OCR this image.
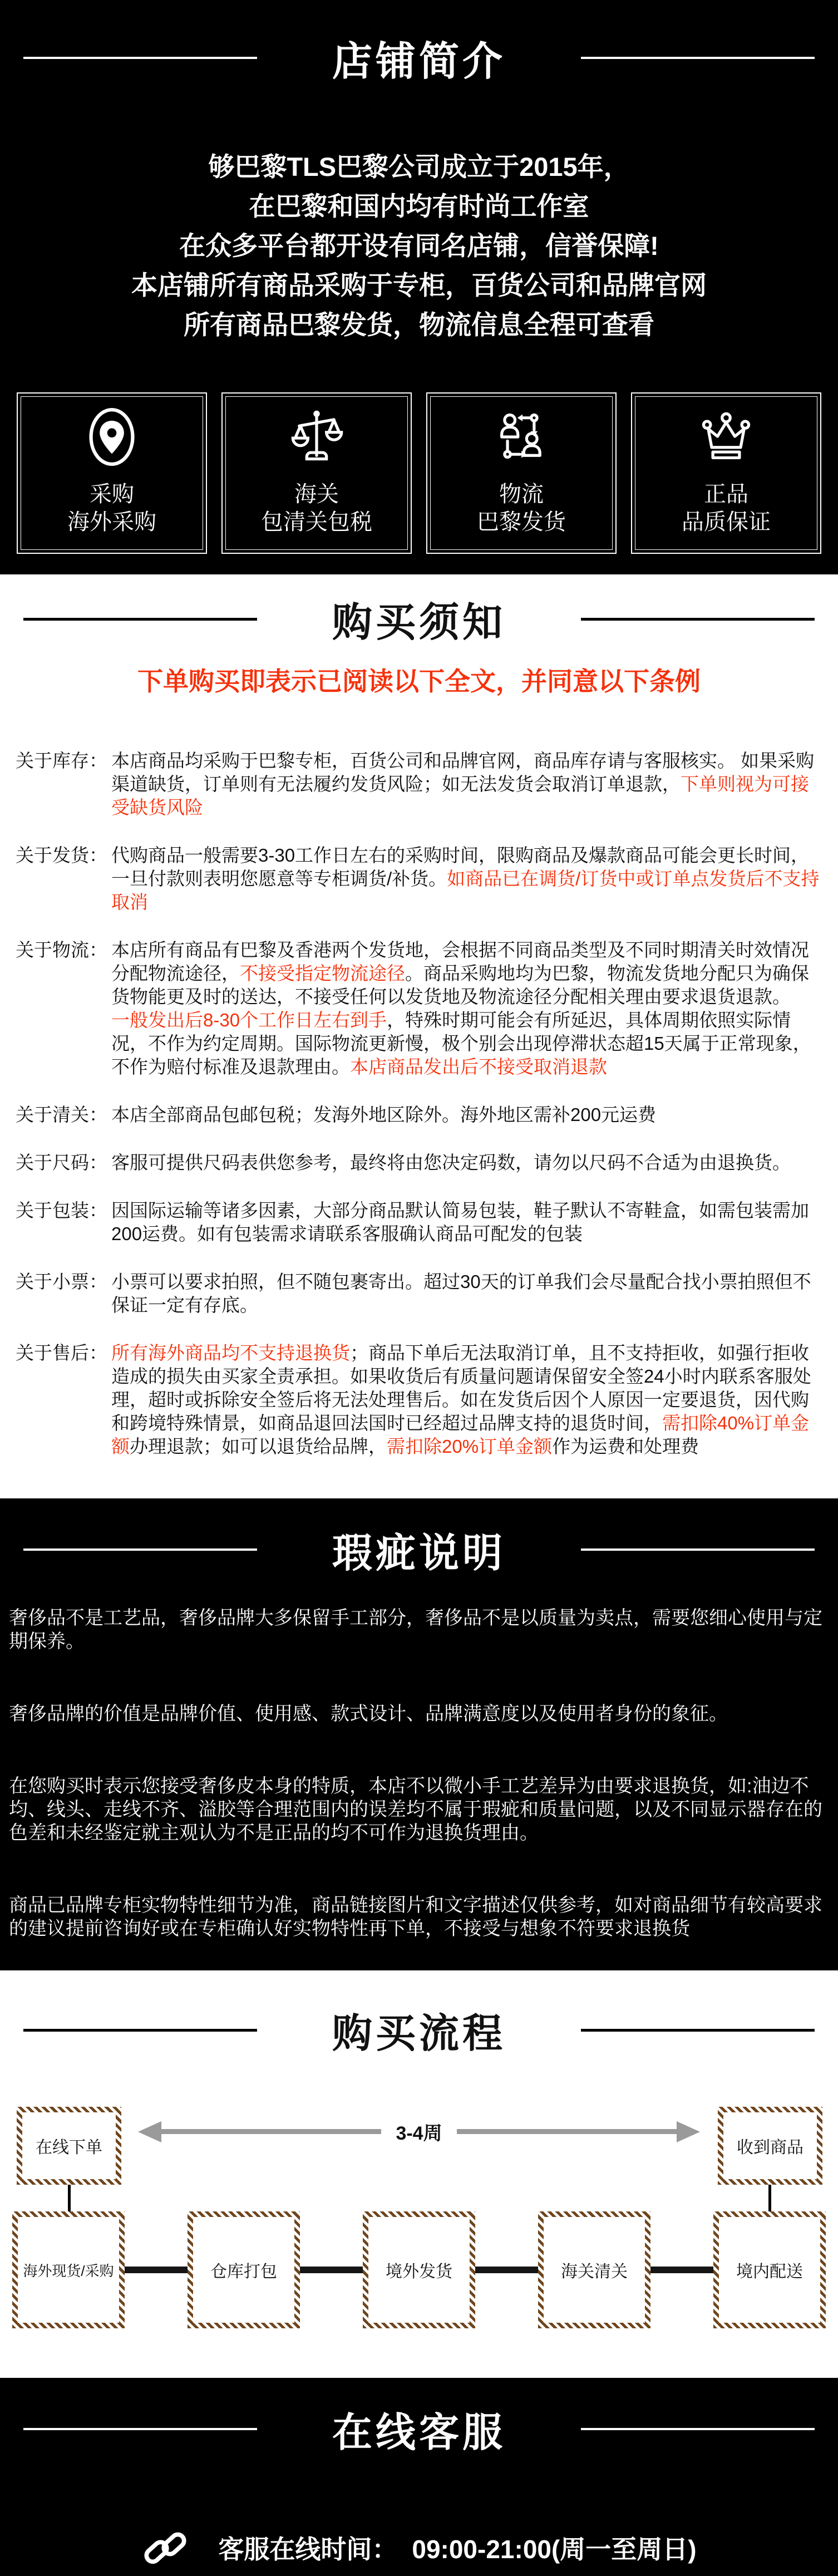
店铺简介
够巴黎TLS巴黎公司成立于2015年，
在巴黎和国内均有时尚工作室
在众多平台都开设有同名店铺，信誉保障!
本店铺所有商品采购于专柜，百货公司和品牌官网
所有商品巴黎发货，物流信息全程可查看
采购
海外采购
海关
包清关包税
物流
巴黎发货
正品
品质保证
购买须知
下单购买即表示已阅读以下全文，并同意以下条例
关于库存： 本店商品均采购于巴黎专柜，百货公司和品牌官网，商品库存请与客服核实。 如果采购渠道缺货，订单则有无法履约发货风险；如无法发货会取消订单退款，下单则视为可接受缺货风险
关于发货： 代购商品一般需要3-30工作日左右的采购时间，限购商品及爆款商品可能会更长时间，一旦付款则表明您愿意等专柜调货/补货。如商品已在调货/订货中或订单点发货后不支持取消
关于物流： 本店所有商品有巴黎及香港两个发货地，会根据不同商品类型及不同时期清关时效情况分配物流途径，不接受指定物流途径。商品采购地均为巴黎，物流发货地分配只为确保货物能更及时的送达，不接受任何以发货地及物流途径分配相关理由要求退货退款。
一般发出后8-30个工作日左右到手，特殊时期可能会有所延迟，具体周期依照实际情况，不作为约定周期。国际物流更新慢，极个别会出现停滞状态超15天属于正常现象，不作为赔付标准及退款理由。本店商品发出后不接受取消退款
关于清关： 本店全部商品包邮包税；发海外地区除外。海外地区需补200元运费
关于尺码： 客服可提供尺码表供您参考，最终将由您决定码数，请勿以尺码不合适为由退换货。
关于包装： 因国际运输等诸多因素，大部分商品默认简易包装，鞋子默认不寄鞋盒，如需包装需加200运费。如有包装需求请联系客服确认商品可配发的包装
关于小票： 小票可以要求拍照，但不随包裹寄出。超过30天的订单我们会尽量配合找小票拍照但不保证一定有存底。
关于售后： 所有海外商品均不支持退换货；商品下单后无法取消订单，且不支持拒收，如强行拒收造成的损失由买家全责承担。如果收货后有质量问题请保留安全签24小时内联系客服处理，超时或拆除安全签后将无法处理售后。如在发货后因个人原因一定要退货，因代购和跨境特殊情景，如商品退回法国时已经超过品牌支持的退货时间，需扣除40%订单金额办理退款；如可以退货给品牌，需扣除20%订单金额作为运费和处理费
瑕疵说明

奢侈品不是工艺品，奢侈品牌大多保留手工部分，奢侈品不是以质量为卖点，需要您细心使用与定期保养。

奢侈品牌的价值是品牌价值、使用感、款式设计、品牌满意度以及使用者身份的象征。

在您购买时表示您接受奢侈皮本身的特质，本店不以微小手工艺差异为由要求退换货，如:油边不均、线头、走线不齐、溢胶等合理范围内的误差均不属于瑕疵和质量问题，以及不同显示器存在的色差和未经鉴定就主观认为不是正品的均不可作为退换货理由。

商品已品牌专柜实物特性细节为准，商品链接图片和文字描述仅供参考，如对商品细节有较高要求的建议提前咨询好或在专柜确认好实物特性再下单，不接受与想象不符要求退换货

购买流程
在线下单
3-4周
收到商品
海外现货/采购	仓库打包	境外发货	海关清关	境内配送
在线客服
客服在线时间： 09:00-21:00(周一至周日)
